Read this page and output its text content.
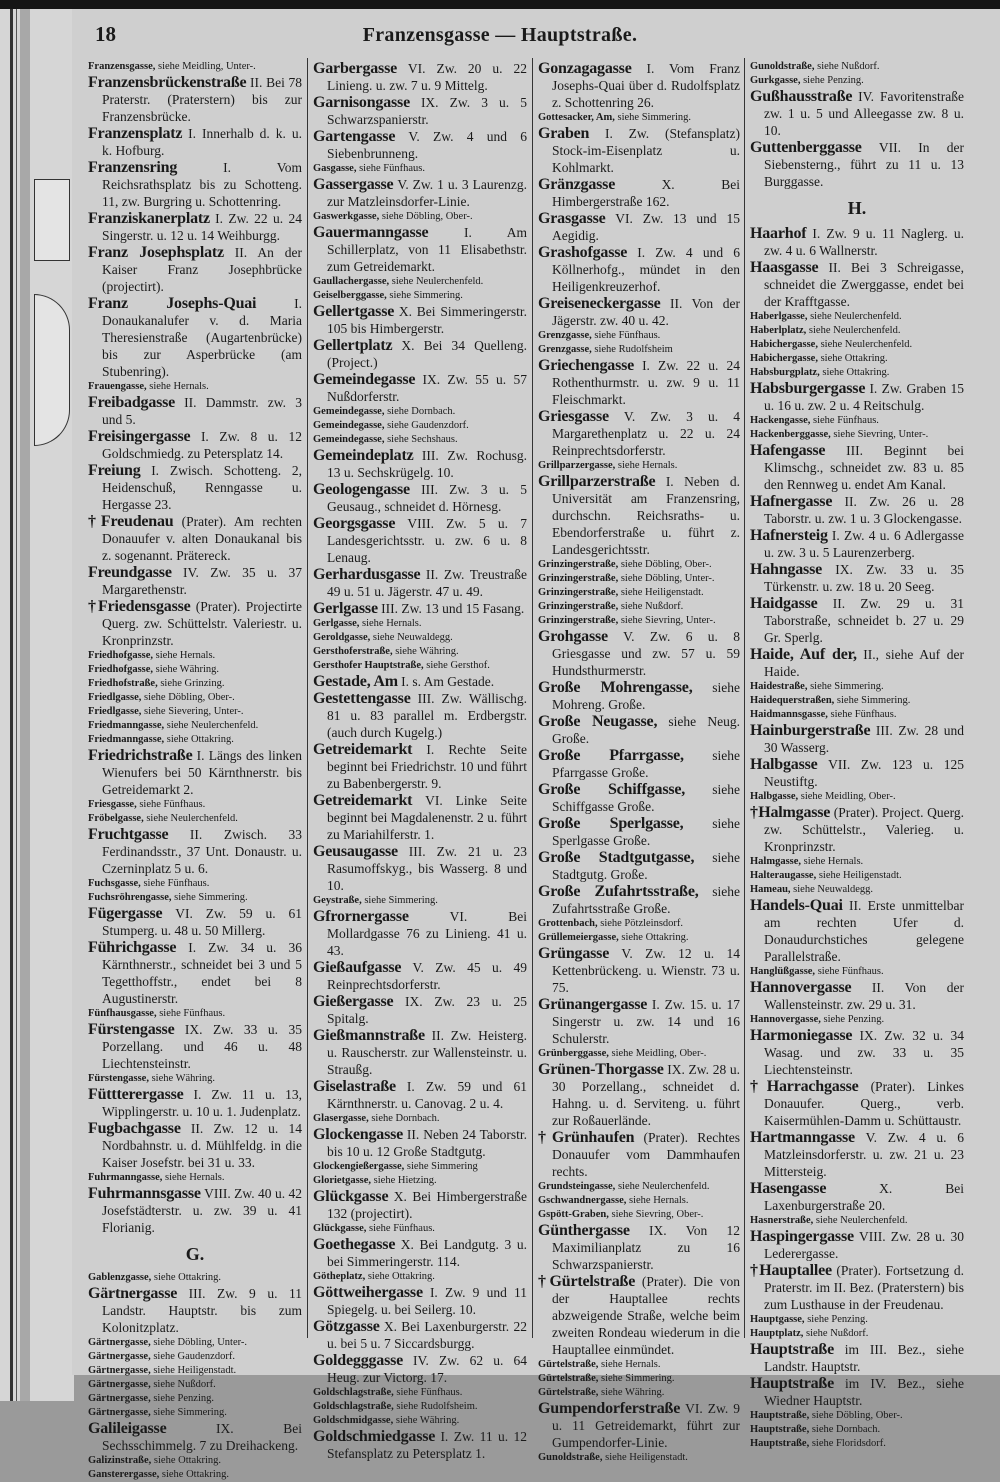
18	Franzensgasse — Hauptstraße.

Franzensgasse, siehe Meidling, Unter-.

Franzensbrückenstraße II. Bei 78 Praterstr. (Praterstern) bis zur Franzensbrücke.

Franzensplatz I. Innerhalb d. k. u. k. Hofburg.

Franzensring	I. Vom Reichsrathsplatz bis zu Schotteng. 11, zw. Burgring u. Schottenring.

Franziskanerplatz I. Zw. 22 u. 24 Singerstr. u. 12 u. 14 Weihburgg.

Franz Josephsplatz II. An der Kaiser Franz Josephbrücke (projectirt).

Franz Josephs-Quai	I. Donaukanalufer v. d. Maria Theresienstraße (Augartenbrücke) bis zur Asperbrücke (am Stubenring).

Frauengasse, siehe Hernals.

Freibadgasse II. Dammstr. zw. 3 und 5.

Freisingergasse I. Zw. 8 u. 12 Goldschmiedg. zu Petersplatz 14.

Freiung I. Zwisch. Schotteng. 2, Heidenschuß, Renngasse u. Hergasse 23.

†Freudenau (Prater). Am rechten Donauufer v. alten Donaukanal bis z. sogenannt. Prätereck.

Freundgasse IV. Zw. 35 u. 37 Margarethenstr.

†Friedensgasse (Prater). Projectirte Querg. zw. Schüttelstr. Valeriestr. u. Kronprinzstr.

Friedhofgasse, siehe Hernals.

Friedhofgasse, siehe Währing.

Friedhofstraße, siehe Grinzing.

Friedlgasse, siehe Döbling, Ober-.

Friedlgasse, siehe Sievering, Unter-.

Friedmanngasse, siehe Neulerchenfeld.

Friedmanngasse, siehe Ottakring.

Friedrichstraße I. Längs des linken Wienufers bei 50 Kärnthnerstr. bis Getreidemarkt 2.

Friesgasse, siehe Fünfhaus.

Fröbelgasse, siehe Neulerchenfeld.

Fruchtgasse II. Zwisch. 33 Ferdinandsstr., 37 Unt. Donaustr. u. Czerninplatz 5 u. 6.

Fuchsgasse, siehe Fünfhaus.

Fuchsröhrengasse, siehe Simmering.

Fügergasse VI. Zw. 59 u. 61 Stumperg. u. 48 u. 50 Millerg.

Führichgasse I. Zw. 34 u. 36 Kärnthnerstr., schneidet bei 3 und 5 Tegetthoffstr., endet bei 8 Augustinerstr.

Fünfhausgasse, siehe Fünfhaus.

Fürstengasse IX. Zw. 33 u. 35 Porzellang. und 46 u. 48 Liechtensteinstr.

Fürstengasse, siehe Währing.

Füttterergasse I. Zw. 11 u. 13, Wipplingerstr. u. 10 u. 1. Judenplatz.

Fugbachgasse II. Zw. 12 u. 14 Nordbahnstr. u. d. Mühlfeldg. in die Kaiser Josefstr. bei 31 u. 33.

Fuhrmanngasse, siehe Hernals.

Fuhrmannsgasse VIII. Zw. 40 u. 42 Josefstädterstr. u. zw. 39 u. 41 Florianig.

G.

Gablenzgasse, siehe Ottakring.

Gärtnergasse III. Zw. 9 u. 11 Landstr. Hauptstr. bis zum Kolonitzplatz.

Gärtnergasse, siehe Döbling, Unter-.

Gärtnergasse, siehe Gaudenzdorf.

Gärtnergasse, siehe Heiligenstadt.

Gärtnergasse, siehe Nußdorf.

Gärtnergasse, siehe Penzing.

Gärtnergasse, siehe Simmering.

Galileigasse	IX. Bei Sechsschimmelg. 7 zu Dreihackeng.

Galizinstraße, siehe Ottakring.

Gansterergasse, siehe Ottakring.

Garbergasse VI. Zw. 20 u. 22 Linieng. u. zw. 7 u. 9 Mittelg.

Garnisongasse IX. Zw. 3 u. 5 Schwarzspanierstr.

Gartengasse V. Zw. 4 und 6 Siebenbrunneng.

Gasgasse, siehe Fünfhaus.

Gassergasse V. Zw. 1 u. 3 Laurenzg. zur Matzleinsdorfer-Linie.

Gaswerkgasse, siehe Döbling, Ober-.

Gauermanngasse	I. Am Schillerplatz, von 11 Elisabethstr. zum Getreidemarkt.

Gaullachergasse, siehe Neulerchenfeld.

Geiselberggasse, siehe Simmering.

Gellertgasse X. Bei Simmeringerstr. 105 bis Himbergerstr.

Gellertplatz X. Bei 34 Quelleng. (Project.)

Gemeindegasse IX. Zw. 55 u. 57 Nußdorferstr.

Gemeindegasse, siehe Dornbach.

Gemeindegasse, siehe Gaudenzdorf.

Gemeindegasse, siehe Sechshaus.

Gemeindeplatz III. Zw. Rochusg. 13 u. Sechskrügelg. 10.

Geologengasse III. Zw. 3 u. 5 Geusaug., schneidet d. Hörnesg.

Georgsgasse VIII. Zw. 5 u. 7 Landesgerichtsstr. u. zw. 6 u. 8 Lenaug.

Gerhardusgasse II. Zw. Treustraße 49 u. 51 u. Jägerstr. 47 u. 49.

Gerlgasse III. Zw. 13 und 15 Fasang.

Gerlgasse, siehe Hernals.

Geroldgasse, siehe Neuwaldegg.

Gersthoferstraße, siehe Währing.

Gersthofer Hauptstraße, siehe Gersthof.

Gestade, Am I. s. Am Gestade.

Gestettengasse III. Zw. Wällischg. 81 u. 83 parallel m. Erdbergstr. (auch durch Kugelg.)

Getreidemarkt I. Rechte Seite beginnt bei Friedrichstr. 10 und führt zu Babenbergerstr. 9.

Getreidemarkt VI. Linke Seite beginnt bei Magdalenenstr. 2 u. führt zu Mariahilferstr. 1.

Geusaugasse III. Zw. 21 u. 23 Rasumoffskyg., bis Wasserg. 8 und 10.

Geystraße, siehe Simmering.

Gfrornergasse	VI. Bei Mollardgasse 76 zu Linieng. 41 u. 43.

Gießaufgasse V. Zw. 45 u. 49 Reinprechtsdorferstr.

Gießergasse IX. Zw. 23 u. 25 Spitalg.

Gießmannstraße II. Zw. Heisterg. u. Rauscherstr. zur Wallensteinstr. u. Straußg.

Giselastraße I. Zw. 59 und 61 Kärnthnerstr. u. Canovag. 2 u. 4.

Glasergasse, siehe Dornbach.

Glockengasse II. Neben 24 Taborstr. bis 10 u. 12 Große Stadtgutg.

Glockengießergasse, siehe Simmering

Glorietgasse, siehe Hietzing.

Glückgasse X. Bei Himbergerstraße 132 (projectirt).

Glückgasse, siehe Fünfhaus.

Goethegasse X. Bei Landgutg. 3 u. bei Simmeringerstr. 114.

Götheplatz, siehe Ottakring.

Göttweihergasse I. Zw. 9 und 11 Spiegelg. u. bei Seilerg. 10.

Götzgasse X. Bei Laxenburgerstr. 22 u. bei 5 u. 7 Siccardsburgg.

Goldegggasse IV. Zw. 62 u. 64 Heug. zur Victorg. 17.

Goldschlagstraße, siehe Fünfhaus.

Goldschlagstraße, siehe Rudolfsheim.

Goldschmidgasse, siehe Währing.

Goldschmiedgasse I. Zw. 11 u. 12 Stefansplatz zu Petersplatz 1.

Gonzagagasse I. Vom Franz Josephs-Quai über d. Rudolfsplatz z. Schottenring 26.

Gottesacker, Am, siehe Simmering.

Graben I. Zw. (Stefansplatz) Stock-im-Eisenplatz u. Kohlmarkt.

Gränzgasse	X. Bei Himbergerstraße 162.

Grasgasse VI. Zw. 13 und 15 Aegidig.

Grashofgasse I. Zw. 4 und 6 Köllnerhofg., mündet in den Heiligenkreuzerhof.

Greiseneckergasse II. Von der Jägerstr. zw. 40 u. 42.

Grenzgasse, siehe Fünfhaus.

Grenzgasse, siehe Rudolfsheim

Griechengasse I. Zw. 22 u. 24 Rothenthurmstr. u. zw. 9 u. 11 Fleischmarkt.

Griesgasse V. Zw. 3 u. 4 Margarethenplatz u. 22 u. 24 Reinprechtsdorferstr.

Grillparzergasse, siehe Hernals.

Grillparzerstraße I. Neben d. Universität am Franzensring, durchschn. Reichsraths- u. Ebendorferstraße u. führt z. Landesgerichtsstr.

Grinzingerstraße, siehe Döbling, Ober-.

Grinzingerstraße, siehe Döbling, Unter-.

Grinzingerstraße, siehe Heiligenstadt.

Grinzingerstraße, siehe Nußdorf.

Grinzingerstraße, siehe Sievring, Unter-.

Grohgasse V. Zw. 6 u. 8 Griesgasse und zw. 57 u. 59 Hundsthurmerstr.

Große Mohrengasse, siehe Mohreng. Große.

Große Neugasse, siehe Neug. Große.

Große Pfarrgasse, siehe Pfarrgasse Große.

Große Schiffgasse, siehe Schiffgasse Große.

Große Sperlgasse, siehe Sperlgasse Große.

Große Stadtgutgasse, siehe Stadtgutg. Große.

Große Zufahrtsstraße, siehe Zufahrtsstraße Große.

Grottenbach, siehe Pötzleinsdorf.

Grüllemeiergasse, siehe Ottakring.

Grüngasse V. Zw. 12 u. 14 Kettenbrückeng. u. Wienstr. 73 u. 75.

Grünangergasse I. Zw. 15. u. 17 Singerstr u. zw. 14 und 16 Schulerstr.

Grünberggasse, siehe Meidling, Ober-.

Grünen-Thorgasse IX. Zw. 28 u. 30 Porzellang., schneidet d. Hahng. u. d. Serviteng. u. führt zur Roßauerlände.

†Grünhaufen (Prater). Rechtes Donauufer vom Dammhaufen rechts.

Grundsteingasse, siehe Neulerchenfeld.

Gschwandnergasse, siehe Hernals.

Gspött-Graben, siehe Sievring, Ober-.

Günthergasse IX. Von 12 Maximilianplatz zu 16 Schwarzspanierstr.

†Gürtelstraße (Prater). Die von der Hauptallee rechts abzweigende Straße, welche beim zweiten Rondeau wiederum in die Hauptallee einmündet.

Gürtelstraße, siehe Hernals.

Gürtelstraße, siehe Simmering.

Gürtelstraße, siehe Währing.

Gumpendorferstraße VI. Zw. 9 u. 11 Getreidemarkt, führt zur Gumpendorfer-Linie.

Gunoldstraße, siehe Heiligenstadt.

Gunoldstraße, siehe Nußdorf.

Gurkgasse, siehe Penzing.

Gußhausstraße IV. Favoritenstraße zw. 1 u. 5 und Alleegasse zw. 8 u. 10.

Guttenberggasse VII. In der Siebensterng., führt zu 11 u. 13 Burggasse.

H.

Haarhof I. Zw. 9 u. 11 Naglerg. u. zw. 4 u. 6 Wallnerstr.

Haasgasse II. Bei 3 Schreigasse, schneidet die Zwerggasse, endet bei der Krafftgasse.

Haberlgasse, siehe Neulerchenfeld.

Haberlplatz, siehe Neulerchenfeld.

Habichergasse, siehe Neulerchenfeld.

Habichergasse, siehe Ottakring.

Habsburgplatz, siehe Ottakring.

Habsburgergasse I. Zw. Graben 15 u. 16 u. zw. 2 u. 4 Reitschulg.

Hackengasse, siehe Fünfhaus.

Hackenberggasse, siehe Sievring, Unter-.

Hafengasse III. Beginnt bei Klimschg., schneidet zw. 83 u. 85 den Rennweg u. endet Am Kanal.

Hafnergasse II. Zw. 26 u. 28 Taborstr. u. zw. 1 u. 3 Glockengasse.

Hafnersteig I. Zw. 4 u. 6 Adlergasse u. zw. 3 u. 5 Laurenzerberg.

Hahngasse IX. Zw. 33 u. 35 Türkenstr. u. zw. 18 u. 20 Seeg.

Haidgasse II. Zw. 29 u. 31 Taborstraße, schneidet b. 27 u. 29 Gr. Sperlg.

Haide, Auf der, II., siehe Auf der Haide.

Haidestraße, siehe Simmering.

Haidequerstraßen, siehe Simmering.

Haidmannsgasse, siehe Fünfhaus.

Hainburgerstraße III. Zw. 28 und 30 Wasserg.

Halbgasse VII. Zw. 123 u. 125 Neustiftg.

Halbgasse, siehe Meidling, Ober-.

†Halmgasse (Prater). Project. Querg. zw. Schüttelstr., Valerieg. u. Kronprinzstr.

Halmgasse, siehe Hernals.

Halteraugasse, siehe Heiligenstadt.

Hameau, siehe Neuwaldegg.

Handels-Quai II. Erste unmittelbar am rechten Ufer d. Donaudurchstiches gelegene Parallelstraße.

Hanglüßgasse, siehe Fünfhaus.

Hannovergasse II. Von der Wallensteinstr. zw. 29 u. 31.

Hannovergasse, siehe Penzing.

Harmoniegasse IX. Zw. 32 u. 34 Wasag. und zw. 33 u. 35 Liechtensteinstr.

†Harrachgasse (Prater). Linkes Donauufer. Querg., verb. Kaisermühlen-Damm u. Schüttaustr.

Hartmanngasse V. Zw. 4 u. 6 Matzleinsdorferstr. u. zw. 21 u. 23 Mittersteig.

Hasengasse	X. Bei Laxenburgerstraße 20.

Hasnerstraße, siehe Neulerchenfeld.

Haspingergasse VIII. Zw. 28 u. 30 Lederergasse.

†Hauptallee (Prater). Fortsetzung d. Praterstr. im II. Bez. (Praterstern) bis zum Lusthause in der Freudenau.

Hauptgasse, siehe Penzing.

Hauptplatz, siehe Nußdorf.

Hauptstraße im III. Bez., siehe Landstr. Hauptstr.

Hauptstraße im IV. Bez., siehe Wiedner Hauptstr.

Hauptstraße, siehe Döbling, Ober-.

Hauptstraße, siehe Dornbach.

Hauptstraße, siehe Floridsdorf.
